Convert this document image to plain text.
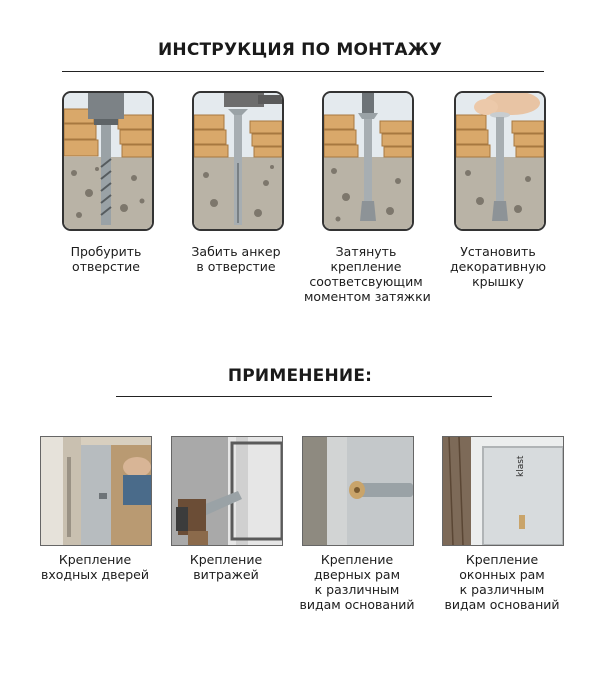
ИНСТРУКЦИЯ ПО МОНТАЖУ
Пробурить
отверстие
Забить анкер
в отверстие
Затянуть
крепление
соответсвующим
моментом затяжки
Установить
декоративную
крышку
ПРИМЕНЕНИЕ:
Крепление
входных дверей
Крепление
витражей
Крепление
дверных рам
к различным
видам оснований
klast
Крепление
оконных рам
к различным
видам оснований
